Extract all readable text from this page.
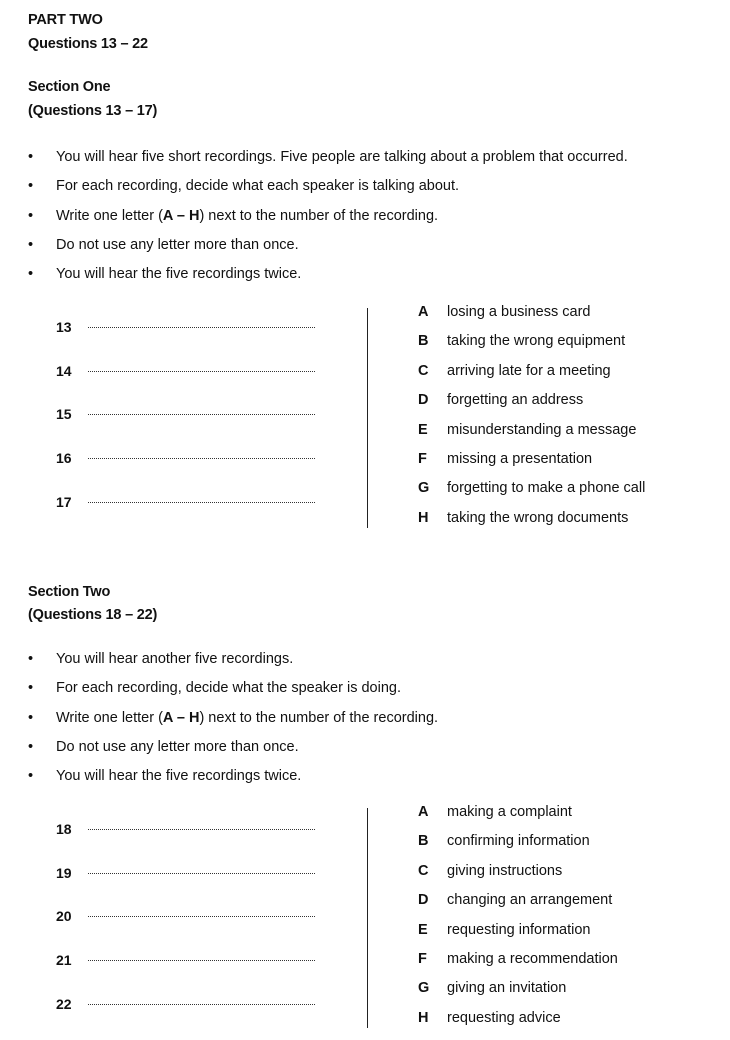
PART TWO
Questions 13 – 22
Section One
(Questions 13 – 17)
•	You will hear five short recordings. Five people are talking about a problem that occurred.
•	For each recording, decide what each speaker is talking about.
•	Write one letter (A – H) next to the number of the recording.
•	Do not use any letter more than once.
•	You will hear the five recordings twice.
13
14
15
16
17
A losing a business card
B taking the wrong equipment
C arriving late for a meeting
D forgetting an address
E misunderstanding a message
F	missing a presentation
G forgetting to make a phone call
H taking the wrong documents
Section Two
(Questions 18 – 22)
•	You will hear another five recordings.
•	For each recording, decide what the speaker is doing.
•	Write one letter (A – H) next to the number of the recording.
•	Do not use any letter more than once.
•	You will hear the five recordings twice.
18
19
20
21
22
A making a complaint
B confirming information
C giving instructions
D changing an arrangement
E requesting information
F	making a recommendation
G giving an invitation
H requesting advice
